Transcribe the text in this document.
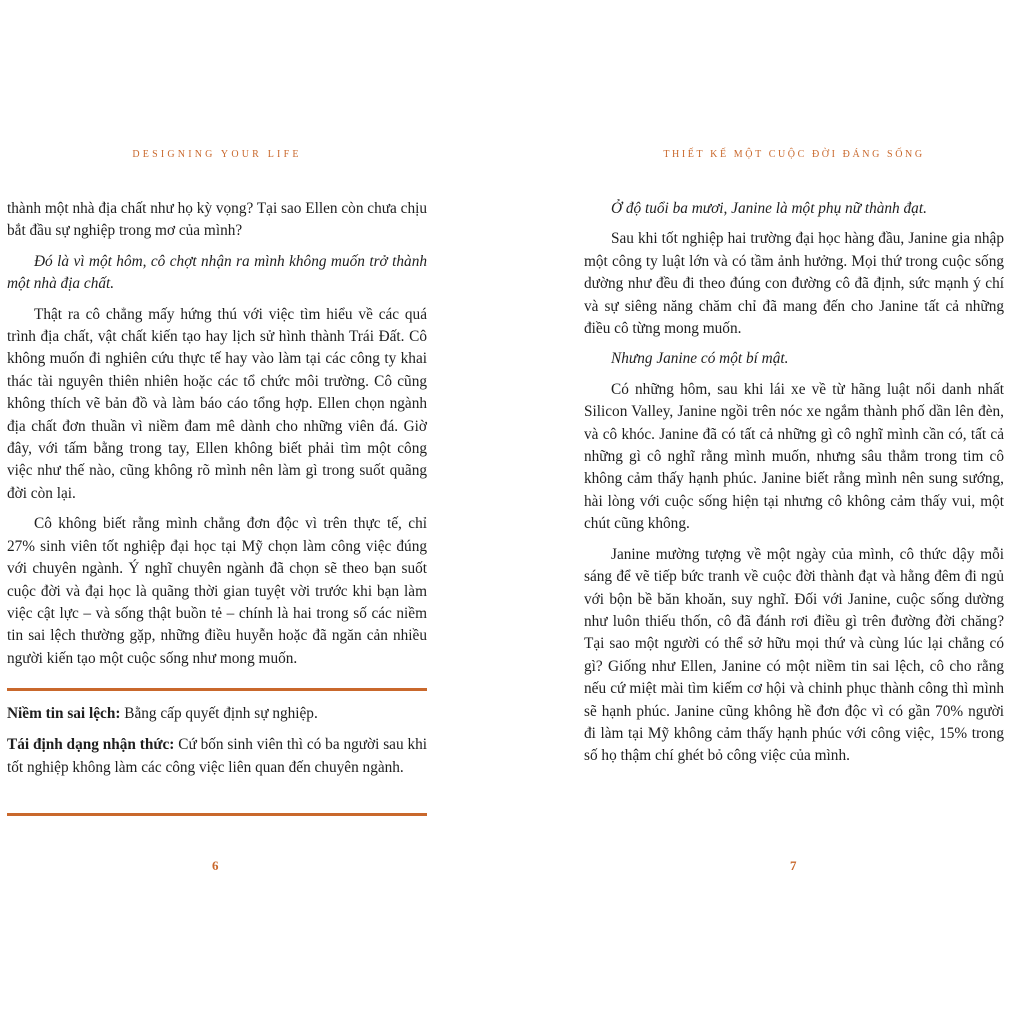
DESIGNING YOUR LIFE

thành một nhà địa chất như họ kỳ vọng? Tại sao Ellen còn chưa chịu bắt đầu sự nghiệp trong mơ của mình?

Đó là vì một hôm, cô chợt nhận ra mình không muốn trở thành một nhà địa chất.

Thật ra cô chẳng mấy hứng thú với việc tìm hiểu về các quá trình địa chất, vật chất kiến tạo hay lịch sử hình thành Trái Đất. Cô không muốn đi nghiên cứu thực tế hay vào làm tại các công ty khai thác tài nguyên thiên nhiên hoặc các tổ chức môi trường. Cô cũng không thích vẽ bản đồ và làm báo cáo tổng hợp. Ellen chọn ngành địa chất đơn thuần vì niềm đam mê dành cho những viên đá. Giờ đây, với tấm bằng trong tay, Ellen không biết phải tìm một công việc như thế nào, cũng không rõ mình nên làm gì trong suốt quãng đời còn lại.

Cô không biết rằng mình chẳng đơn độc vì trên thực tế, chỉ 27% sinh viên tốt nghiệp đại học tại Mỹ chọn làm công việc đúng với chuyên ngành. Ý nghĩ chuyên ngành đã chọn sẽ theo bạn suốt cuộc đời và đại học là quãng thời gian tuyệt vời trước khi bạn làm việc cật lực – và sống thật buồn tẻ – chính là hai trong số các niềm tin sai lệch thường gặp, những điều huyễn hoặc đã ngăn cản nhiều người kiến tạo một cuộc sống như mong muốn.

Niềm tin sai lệch: Bằng cấp quyết định sự nghiệp.

Tái định dạng nhận thức: Cứ bốn sinh viên thì có ba người sau khi tốt nghiệp không làm các công việc liên quan đến chuyên ngành.

6
THIẾT KẾ MỘT CUỘC ĐỜI ĐÁNG SỐNG

Ở độ tuổi ba mươi, Janine là một phụ nữ thành đạt.

Sau khi tốt nghiệp hai trường đại học hàng đầu, Janine gia nhập một công ty luật lớn và có tầm ảnh hưởng. Mọi thứ trong cuộc sống dường như đều đi theo đúng con đường cô đã định, sức mạnh ý chí và sự siêng năng chăm chỉ đã mang đến cho Janine tất cả những điều cô từng mong muốn.

Nhưng Janine có một bí mật.

Có những hôm, sau khi lái xe về từ hãng luật nổi danh nhất Silicon Valley, Janine ngồi trên nóc xe ngắm thành phố dần lên đèn, và cô khóc. Janine đã có tất cả những gì cô nghĩ mình cần có, tất cả những gì cô nghĩ rằng mình muốn, nhưng sâu thẳm trong tim cô không cảm thấy hạnh phúc. Janine biết rằng mình nên sung sướng, hài lòng với cuộc sống hiện tại nhưng cô không cảm thấy vui, một chút cũng không.

Janine mường tượng về một ngày của mình, cô thức dậy mỗi sáng để vẽ tiếp bức tranh về cuộc đời thành đạt và hằng đêm đi ngủ với bộn bề băn khoăn, suy nghĩ. Đối với Janine, cuộc sống dường như luôn thiếu thốn, cô đã đánh rơi điều gì trên đường đời chăng? Tại sao một người có thể sở hữu mọi thứ và cùng lúc lại chẳng có gì? Giống như Ellen, Janine có một niềm tin sai lệch, cô cho rằng nếu cứ miệt mài tìm kiếm cơ hội và chinh phục thành công thì mình sẽ hạnh phúc. Janine cũng không hề đơn độc vì có gần 70% người đi làm tại Mỹ không cảm thấy hạnh phúc với công việc, 15% trong số họ thậm chí ghét bỏ công việc của mình.

7
